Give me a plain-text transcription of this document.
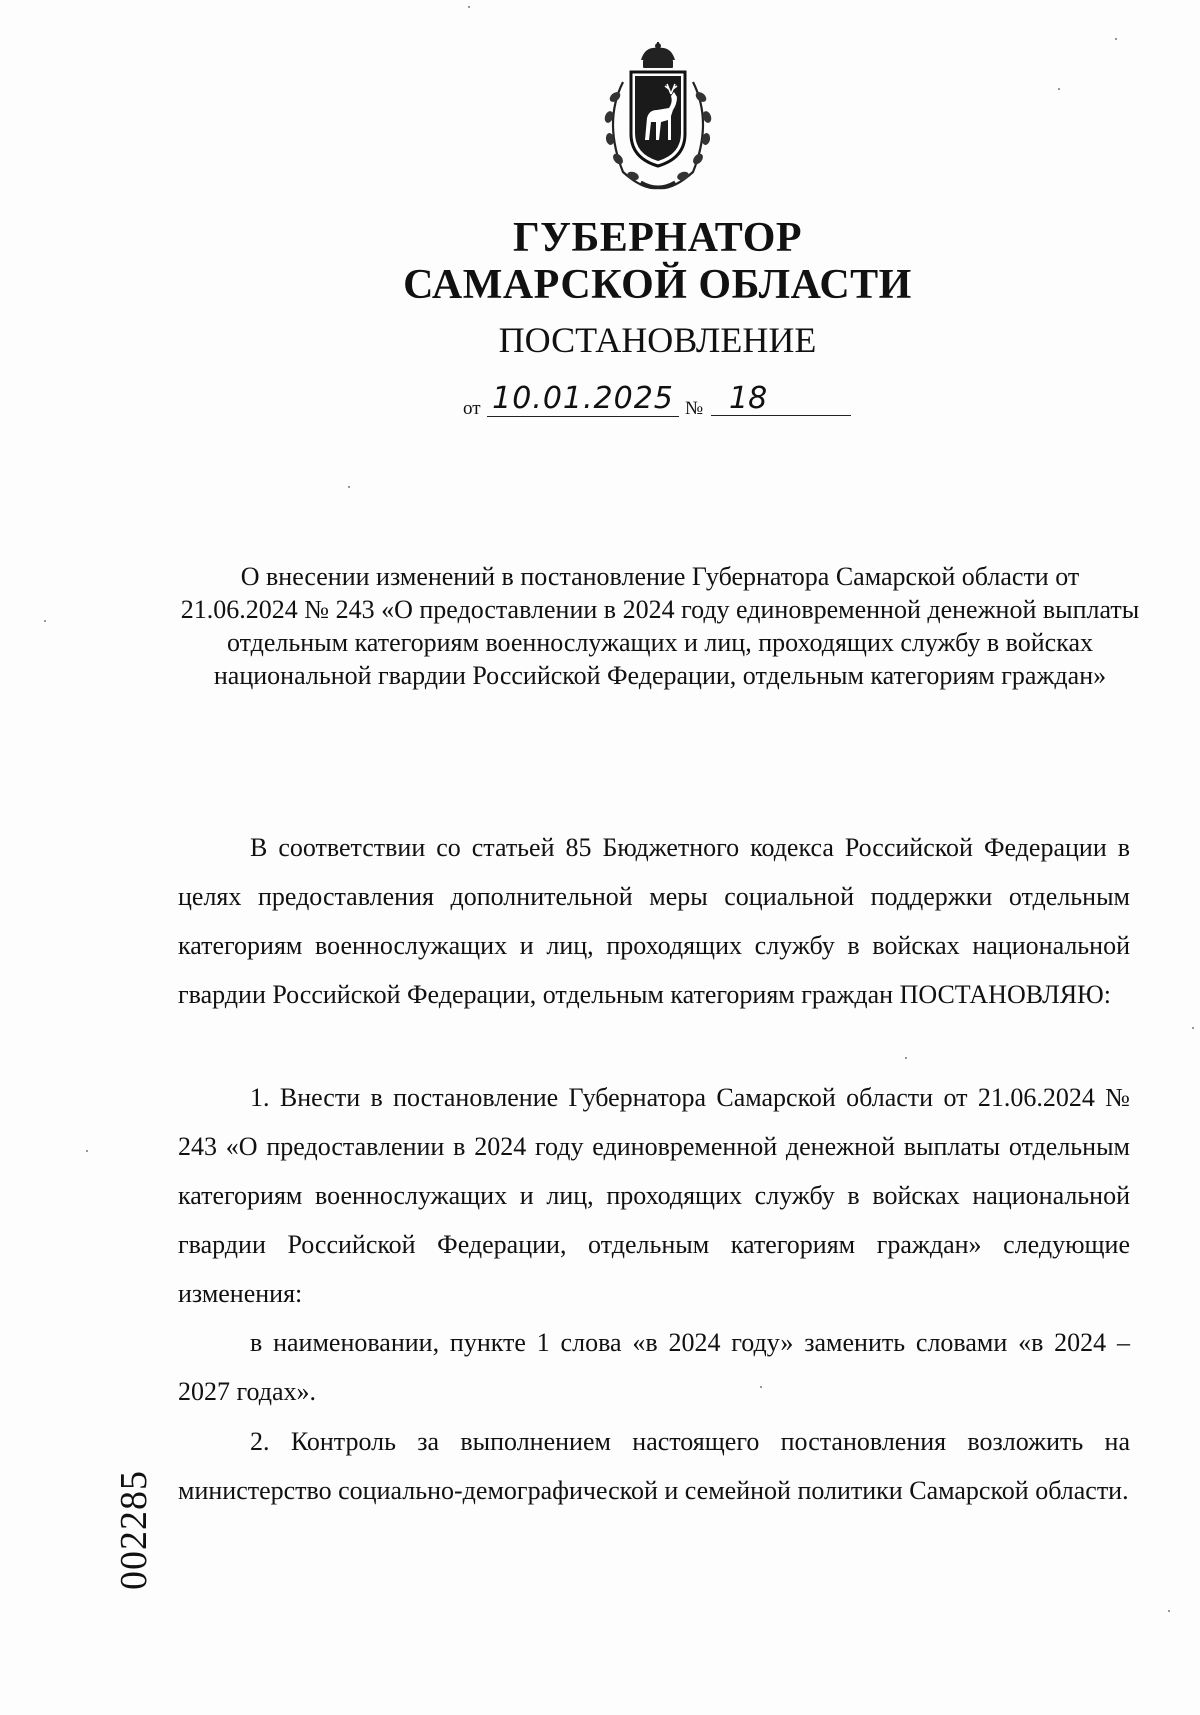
ГУБЕРНАТОР
САМАРСКОЙ ОБЛАСТИ
ПОСТАНОВЛЕНИЕ
от 10.01.2025 № 18
О внесении изменений в постановление Губернатора Самарской области от 21.06.2024 № 243 «О предоставлении в 2024 году единовременной денежной выплаты отдельным категориям военнослужащих и лиц, проходящих службу в войсках национальной гвардии Российской Федерации, отдельным категориям граждан»

В соответствии со статьей 85 Бюджетного кодекса Российской Федерации в целях предоставления дополнительной меры социальной поддержки отдельным категориям военнослужащих и лиц, проходящих службу в войсках национальной гвардии Российской Федерации, отдельным категориям граждан ПОСТАНОВЛЯЮ:

1. Внести в постановление Губернатора Самарской области от 21.06.2024 № 243 «О предоставлении в 2024 году единовременной денежной выплаты отдельным категориям военнослужащих и лиц, проходящих службу в войсках национальной гвардии Российской Федерации, отдельным категориям граждан» следующие изменения:

в наименовании, пункте 1 слова «в 2024 году» заменить словами «в 2024 – 2027 годах».

2. Контроль за выполнением настоящего постановления возложить на министерство социально-демографической и семейной политики Самарской области.

002285
